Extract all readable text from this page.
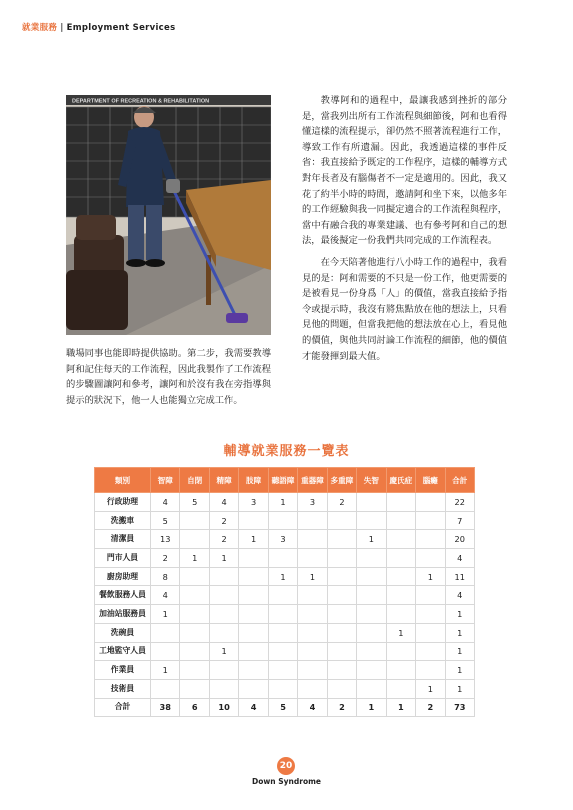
就業服務 | Employment Services
DEPARTMENT OF RECREATION & REHABILITATION

職場同事也能即時提供協助。第二步，我需要教導阿和記住每天的工作流程，因此我製作了工作流程的步驟圖讓阿和參考，讓阿和於沒有我在旁指導與提示的狀況下，他一人也能獨立完成工作。

教導阿和的過程中，最讓我感到挫折的部分是，當我列出所有工作流程與細節後，阿和也看得懂這樣的流程提示，卻仍然不照著流程進行工作，導致工作有所遺漏。因此，我透過這樣的事件反省：我直接給予既定的工作程序，這樣的輔導方式對年長者及有腦傷者不一定是適用的。因此，我又花了約半小時的時間，邀請阿和坐下來，以他多年的工作經驗與我一同擬定適合的工作流程與程序，當中有融合我的專業建議、也有參考阿和自己的想法，最後擬定一份我們共同完成的工作流程表。

在今天陪著他進行八小時工作的過程中，我看見的是：阿和需要的不只是一份工作，他更需要的是被看見一份身爲「人」的價值，當我直接給予指令或提示時，我沒有將焦點放在他的想法上，只看見他的問題，但當我把他的想法放在心上，看見他的價值，與他共同討論工作流程的細節，他的價值才能發揮到最大值。

輔導就業服務一覽表
類別	智障	自閉	精障	肢障	聽語障	重器障	多重障	失智	慶氏症	腦癱	合計
行政助理	4	5	4	3	1	3	2				22
洗搬車	5		2								7
清潔員	13		2	1	3			1			20
門市人員	2	1	1								4
廚房助理	8				1	1				1	11
餐飲服務人員	4										4
加油站服務員	1										1
洗碗員									1		1
工地監守人員			1								1
作業員	1										1
技術員										1	1
合計	38	6	10	4	5	4	2	1	1	2	73
20
Down Syndrome
